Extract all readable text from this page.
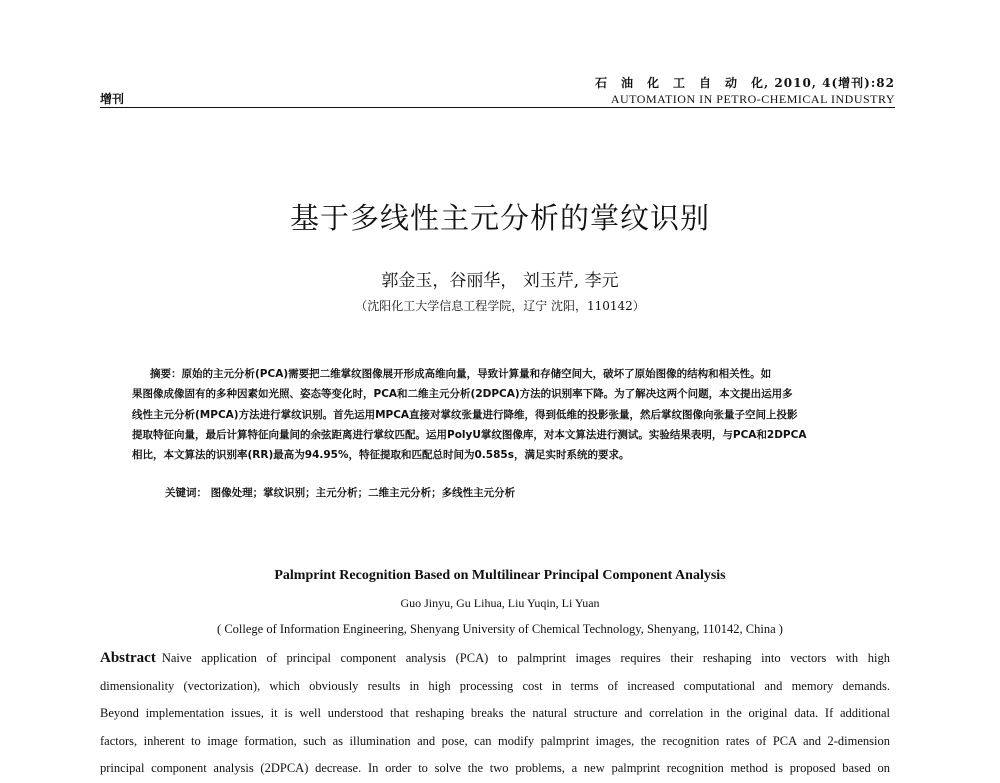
增刊
石　油　化　工　自　动　化, 2010, 4(增刊):82
AUTOMATION IN PETRO-CHEMICAL INDUSTRY
基于多线性主元分析的掌纹识别
郭金玉，谷丽华， 刘玉芹, 李元
（沈阳化工大学信息工程学院，辽宁 沈阳，110142）
摘要：原始的主元分析(PCA)需要把二维掌纹图像展开形成高维向量，导致计算量和存储空间大，破坏了原始图像的结构和相关性。如
果图像成像固有的多种因素如光照、姿态等变化时，PCA和二维主元分析(2DPCA)方法的识别率下降。为了解决这两个问题，本文提出运用多
线性主元分析(MPCA)方法进行掌纹识别。首先运用MPCA直接对掌纹张量进行降维，得到低维的投影张量，然后掌纹图像向张量子空间上投影
提取特征向量，最后计算特征向量间的余弦距离进行掌纹匹配。运用PolyU掌纹图像库，对本文算法进行测试。实验结果表明，与PCA和2DPCA
相比，本文算法的识别率(RR)最高为94.95%，特征提取和匹配总时间为0.585s，满足实时系统的要求。
关键词： 图像处理；掌纹识别；主元分析；二维主元分析；多线性主元分析
Palmprint Recognition Based on Multilinear Principal Component Analysis
Guo Jinyu, Gu Lihua, Liu Yuqin, Li Yuan
( College of Information Engineering, Shenyang University of Chemical Technology, Shenyang, 110142, China )
Abstract Naive application of principal component analysis (PCA) to palmprint images requires their reshaping into vectors with high
dimensionality (vectorization), which obviously results in high processing cost in terms of increased computational and memory demands.
Beyond implementation issues, it is well understood that reshaping breaks the natural structure and correlation in the original data. If additional
factors, inherent to image formation, such as illumination and pose, can modify palmprint images, the recognition rates of PCA and 2-dimension
principal component analysis (2DPCA) decrease. In order to solve the two problems, a new palmprint recognition method is proposed based on
